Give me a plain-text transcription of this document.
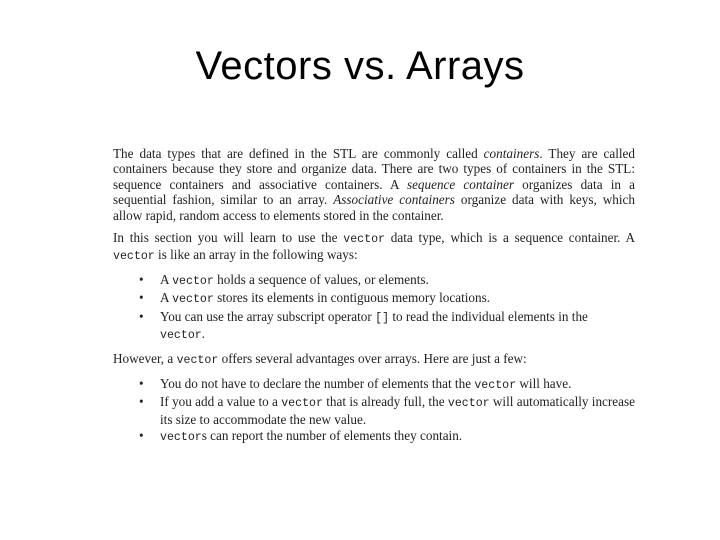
Vectors vs. Arrays

The data types that are defined in the STL are commonly called containers. They are called containers because they store and organize data. There are two types of containers in the STL: sequence containers and associative containers. A sequence container organizes data in a sequential fashion, similar to an array. Associative containers organize data with keys, which allow rapid, random access to elements stored in the container.

In this section you will learn to use the vector data type, which is a sequence container. A vector is like an array in the following ways:

• A vector holds a sequence of values, or elements.
• A vector stores its elements in contiguous memory locations.
• You can use the array subscript operator [] to read the individual elements in the vector.

However, a vector offers several advantages over arrays. Here are just a few:

• You do not have to declare the number of elements that the vector will have.
• If you add a value to a vector that is already full, the vector will automatically increase its size to accommodate the new value.
• vectors can report the number of elements they contain.
